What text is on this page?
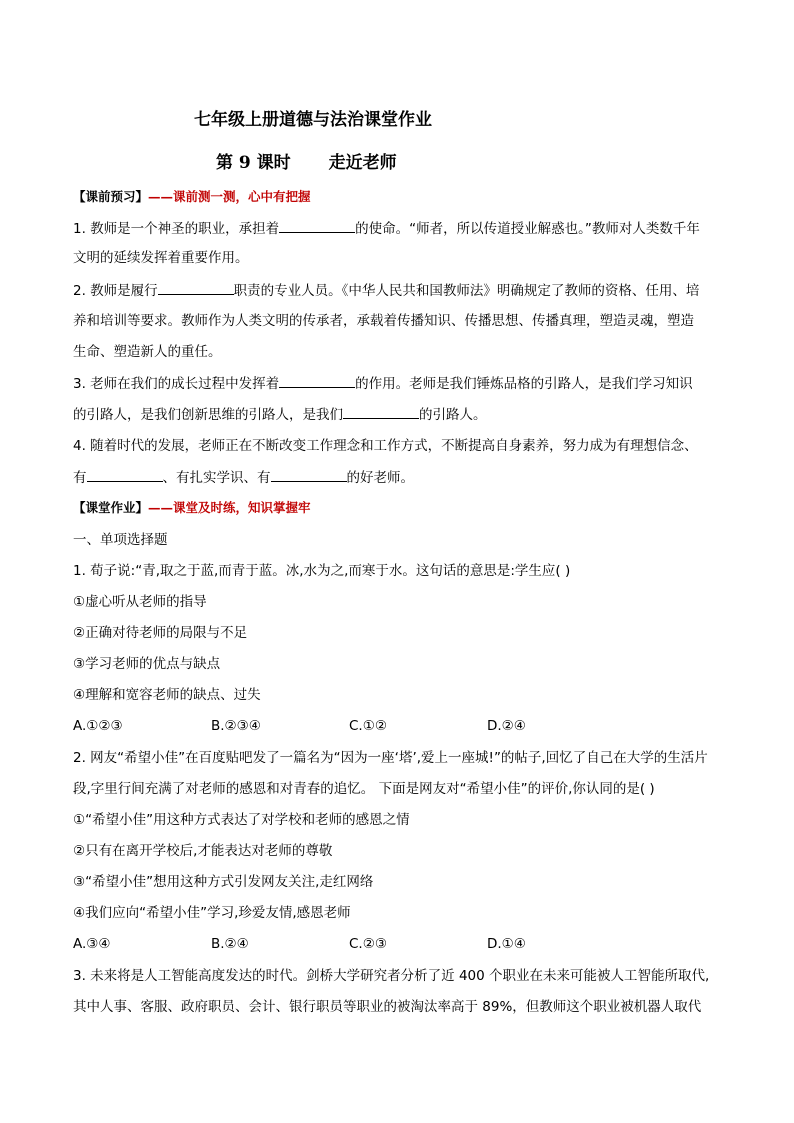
七年级上册道德与法治课堂作业
第 9 课时 走近老师
【课前预习】——课前测一测，心中有把握
1. 教师是一个神圣的职业，承担着	的使命。“师者，所以传道授业解惑也。”教师对人类数千年
文明的延续发挥着重要作用。
2. 教师是履行	职责的专业人员。《中华人民共和国教师法》明确规定了教师的资格、任用、培
养和培训等要求。教师作为人类文明的传承者，承载着传播知识、传播思想、传播真理，塑造灵魂，塑造
生命、塑造新人的重任。
3. 老师在我们的成长过程中发挥着	的作用。老师是我们锤炼品格的引路人，是我们学习知识
的引路人，是我们创新思维的引路人，是我们	的引路人。
4. 随着时代的发展，老师正在不断改变工作理念和工作方式，不断提高自身素养，努力成为有理想信念、
有	、有扎实学识、有	的好老师。
【课堂作业】——课堂及时练，知识掌握牢
一、单项选择题
1. 荀子说:“青,取之于蓝,而青于蓝。冰,水为之,而寒于水。这句话的意思是:学生应( )
①虚心听从老师的指导
②正确对待老师的局限与不足
③学习老师的优点与缺点
④理解和宽容老师的缺点、过失
A.①②③	B.②③④	C.①②	D.②④
2. 网友“希望小佳”在百度贴吧发了一篇名为“因为一座‘塔’,爱上一座城!”的帖子,回忆了自己在大学的生活片
段,字里行间充满了对老师的感恩和对青春的追忆。 下面是网友对“希望小佳”的评价,你认同的是( )
①“希望小佳”用这种方式表达了对学校和老师的感恩之情
②只有在离开学校后,才能表达对老师的尊敬
③“希望小佳”想用这种方式引发网友关注,走红网络
④我们应向“希望小佳”学习,珍爱友情,感恩老师
A.③④	B.②④	C.②③	D.①④
3. 未来将是人工智能高度发达的时代。剑桥大学研究者分析了近 400 个职业在未来可能被人工智能所取代,
其中人事、客服、政府职员、会计、银行职员等职业的被淘汰率高于 89%，但教师这个职业被机器人取代
